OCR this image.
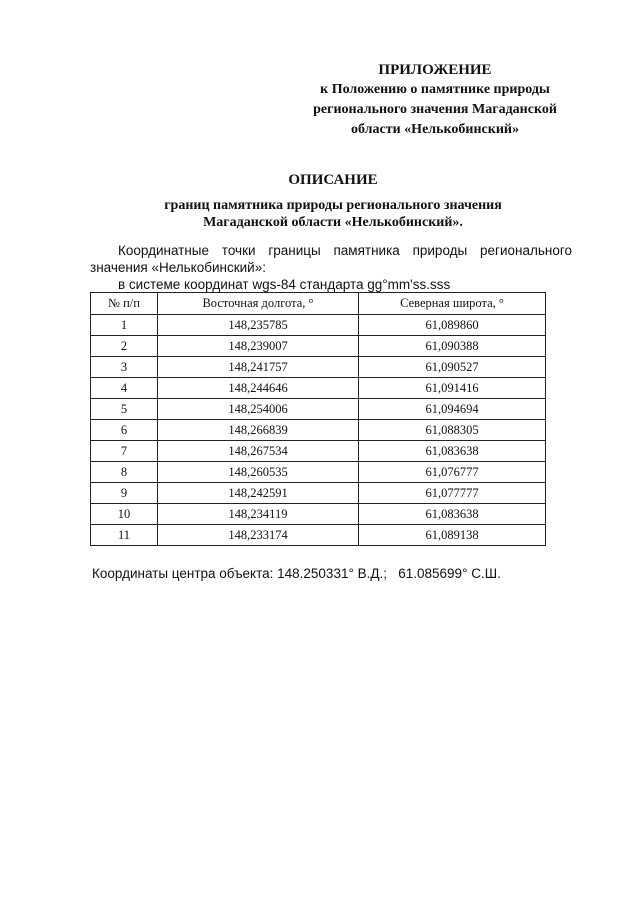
ПРИЛОЖЕНИЕ
к Положению о памятнике природы
регионального значения Магаданской
области «Нелькобинский»
ОПИСАНИЕ
границ памятника природы регионального значения
Магаданской области «Нелькобинский».

Координатные точки границы памятника природы регионального значения «Нелькобинский»:

в системе координат wgs-84 стандарта gg°mm'ss.sss
№ п/п	Восточная долгота, °	Северная широта, °
1	148,235785	61,089860
2	148,239007	61,090388
3	148,241757	61,090527
4	148,244646	61,091416
5	148,254006	61,094694
6	148,266839	61,088305
7	148,267534	61,083638
8	148,260535	61,076777
9	148,242591	61,077777
10	148,234119	61,083638
11	148,233174	61,089138
Координаты центра объекта: 148.250331° В.Д.;   61.085699° С.Ш.
